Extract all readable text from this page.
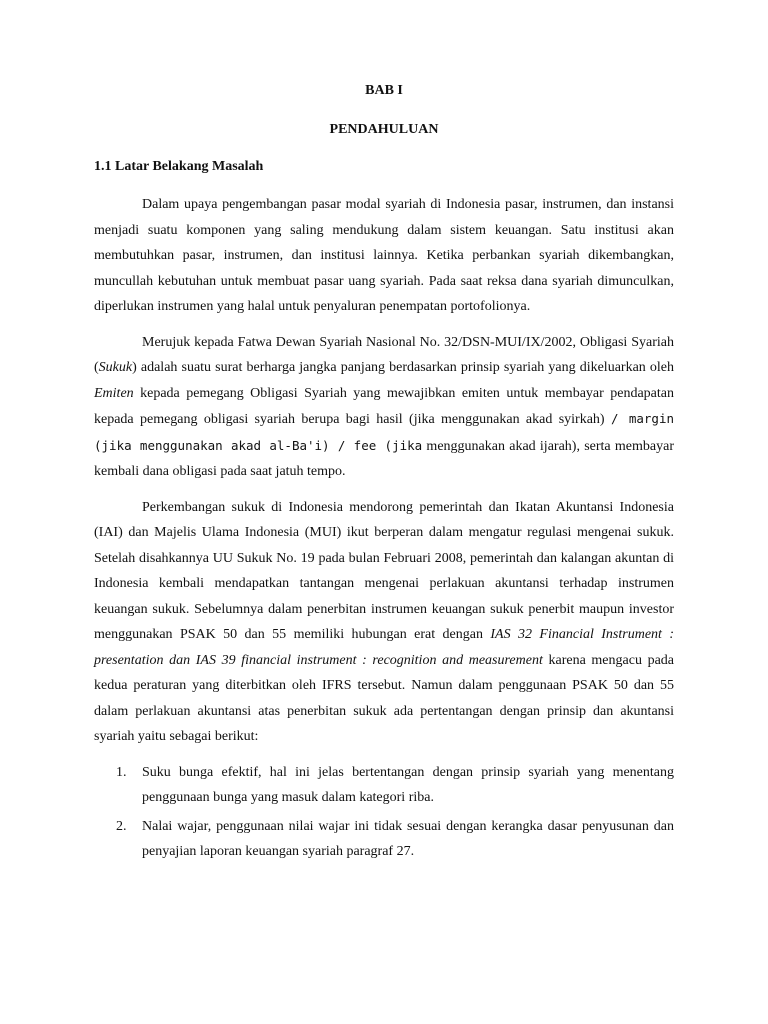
BAB I

PENDAHULUAN

1.1 Latar Belakang Masalah

Dalam upaya pengembangan pasar modal syariah di Indonesia pasar, instrumen, dan instansi menjadi suatu komponen yang saling mendukung dalam sistem keuangan. Satu institusi akan membutuhkan pasar, instrumen, dan institusi lainnya. Ketika perbankan syariah dikembangkan, muncullah kebutuhan untuk membuat pasar uang syariah. Pada saat reksa dana syariah dimunculkan, diperlukan instrumen yang halal untuk penyaluran penempatan portofolionya.

Merujuk kepada Fatwa Dewan Syariah Nasional No. 32/DSN-MUI/IX/2002, Obligasi Syariah (Sukuk) adalah suatu surat berharga jangka panjang berdasarkan prinsip syariah yang dikeluarkan oleh Emiten kepada pemegang Obligasi Syariah yang mewajibkan emiten untuk membayar pendapatan kepada pemegang obligasi syariah berupa bagi hasil (jika menggunakan akad syirkah) / margin (jika menggunakan akad al-Ba'i) / fee (jika menggunakan akad ijarah), serta membayar kembali dana obligasi pada saat jatuh tempo.

Perkembangan sukuk di Indonesia mendorong pemerintah dan Ikatan Akuntansi Indonesia (IAI) dan Majelis Ulama Indonesia (MUI) ikut berperan dalam mengatur regulasi mengenai sukuk. Setelah disahkannya UU Sukuk No. 19 pada bulan Februari 2008, pemerintah dan kalangan akuntan di Indonesia kembali mendapatkan tantangan mengenai perlakuan akuntansi terhadap instrumen keuangan sukuk. Sebelumnya dalam penerbitan instrumen keuangan sukuk penerbit maupun investor menggunakan PSAK 50 dan 55 memiliki hubungan erat dengan IAS 32 Financial Instrument : presentation dan IAS 39 financial instrument : recognition and measurement karena mengacu pada kedua peraturan yang diterbitkan oleh IFRS tersebut. Namun dalam penggunaan PSAK 50 dan 55 dalam perlakuan akuntansi atas penerbitan sukuk ada pertentangan dengan prinsip dan akuntansi syariah yaitu sebagai berikut:

1. Suku bunga efektif, hal ini jelas bertentangan dengan prinsip syariah yang menentang penggunaan bunga yang masuk dalam kategori riba.
2. Nalai wajar, penggunaan nilai wajar ini tidak sesuai dengan kerangka dasar penyusunan dan penyajian laporan keuangan syariah paragraf 27.
